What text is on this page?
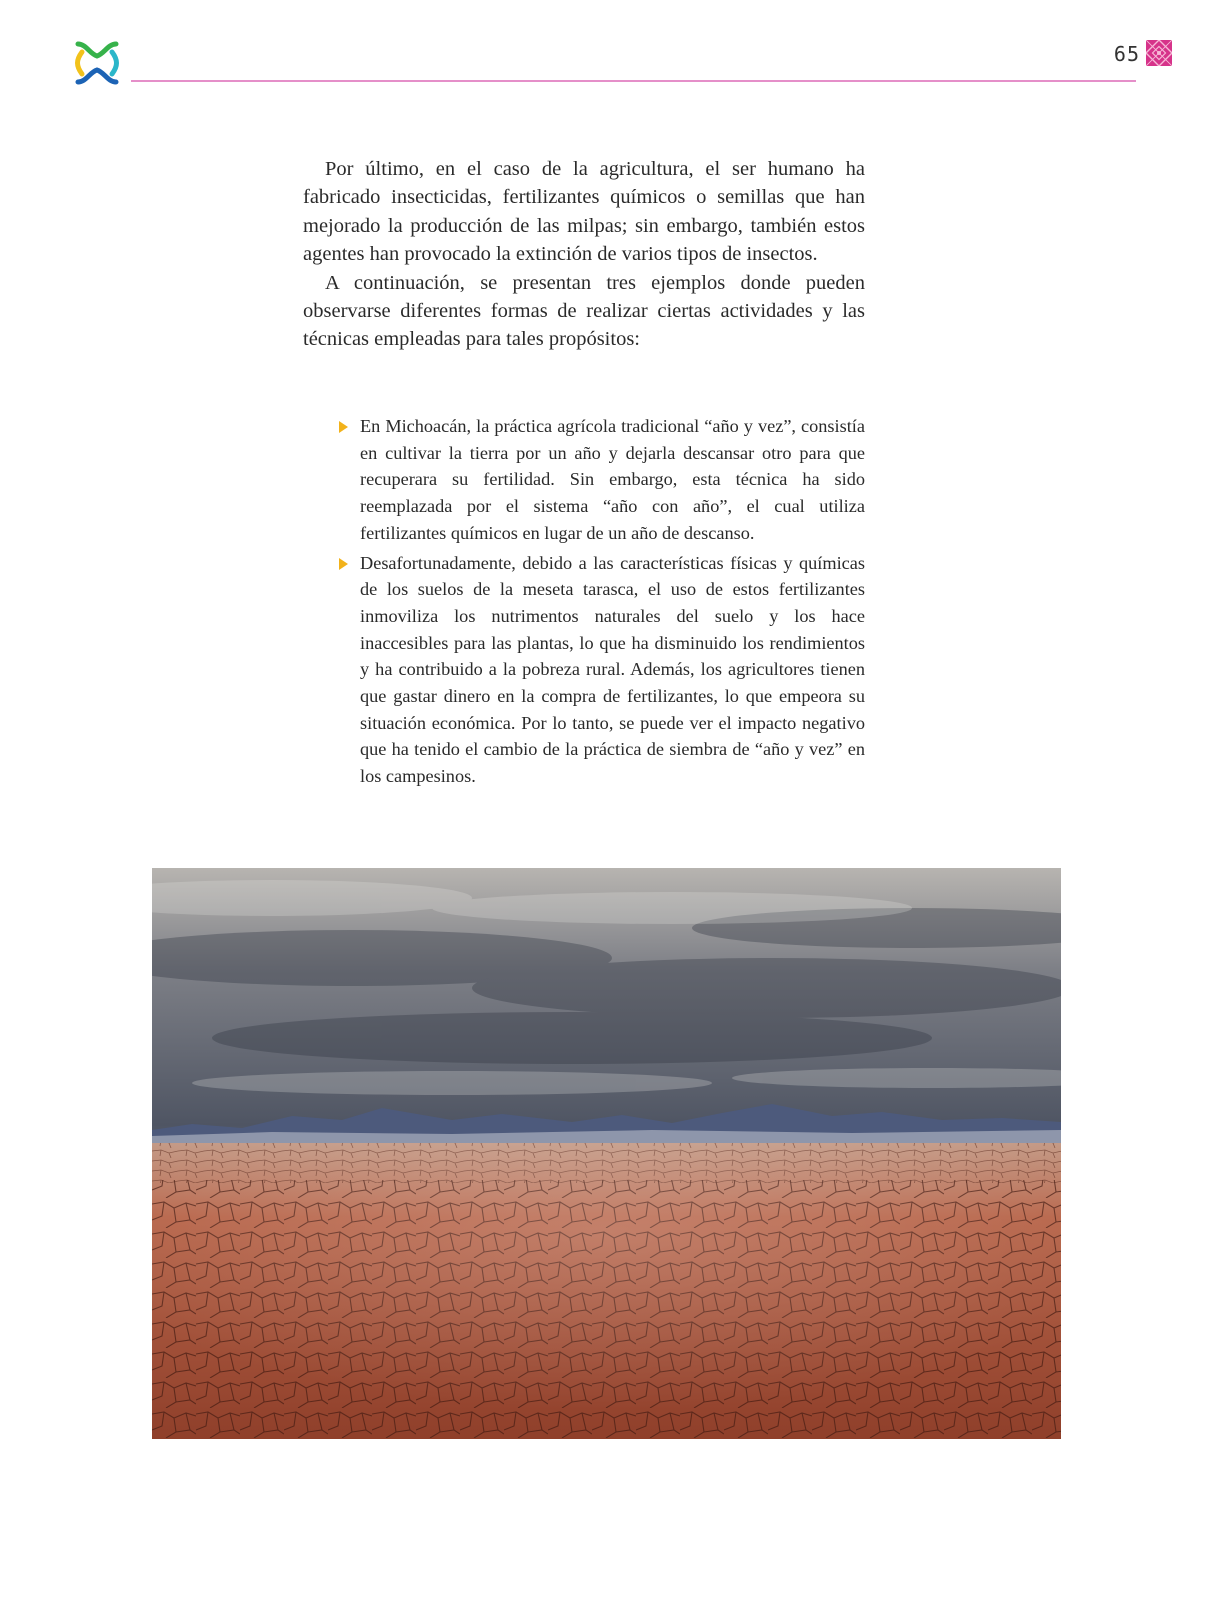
65

Por último, en el caso de la agricultura, el ser humano ha fabricado insecticidas, fertilizantes químicos o semillas que han mejorado la producción de las milpas; sin embargo, también estos agentes han provocado la extinción de varios tipos de insectos.

A continuación, se presentan tres ejemplos donde pueden observarse diferentes formas de realizar ciertas actividades y las técnicas empleadas para tales propósitos:

En Michoacán, la práctica agrícola tradicional “año y vez”, consistía en cultivar la tierra por un año y dejarla descansar otro para que recuperara su fertilidad. Sin embargo, esta técnica ha sido reemplazada por el sistema “año con año”, el cual utiliza fertilizantes químicos en lugar de un año de descanso.
Desafortunadamente, debido a las características físicas y químicas de los suelos de la meseta tarasca, el uso de estos fertilizantes inmoviliza los nutrimentos naturales del suelo y los hace inaccesibles para las plantas, lo que ha disminuido los rendimientos y ha contribuido a la pobreza rural. Además, los agricultores tienen que gastar dinero en la compra de fertilizantes, lo que empeora su situación económica. Por lo tanto, se puede ver el impacto negativo que ha tenido el cambio de la práctica de siembra de “año y vez” en los campesinos.
